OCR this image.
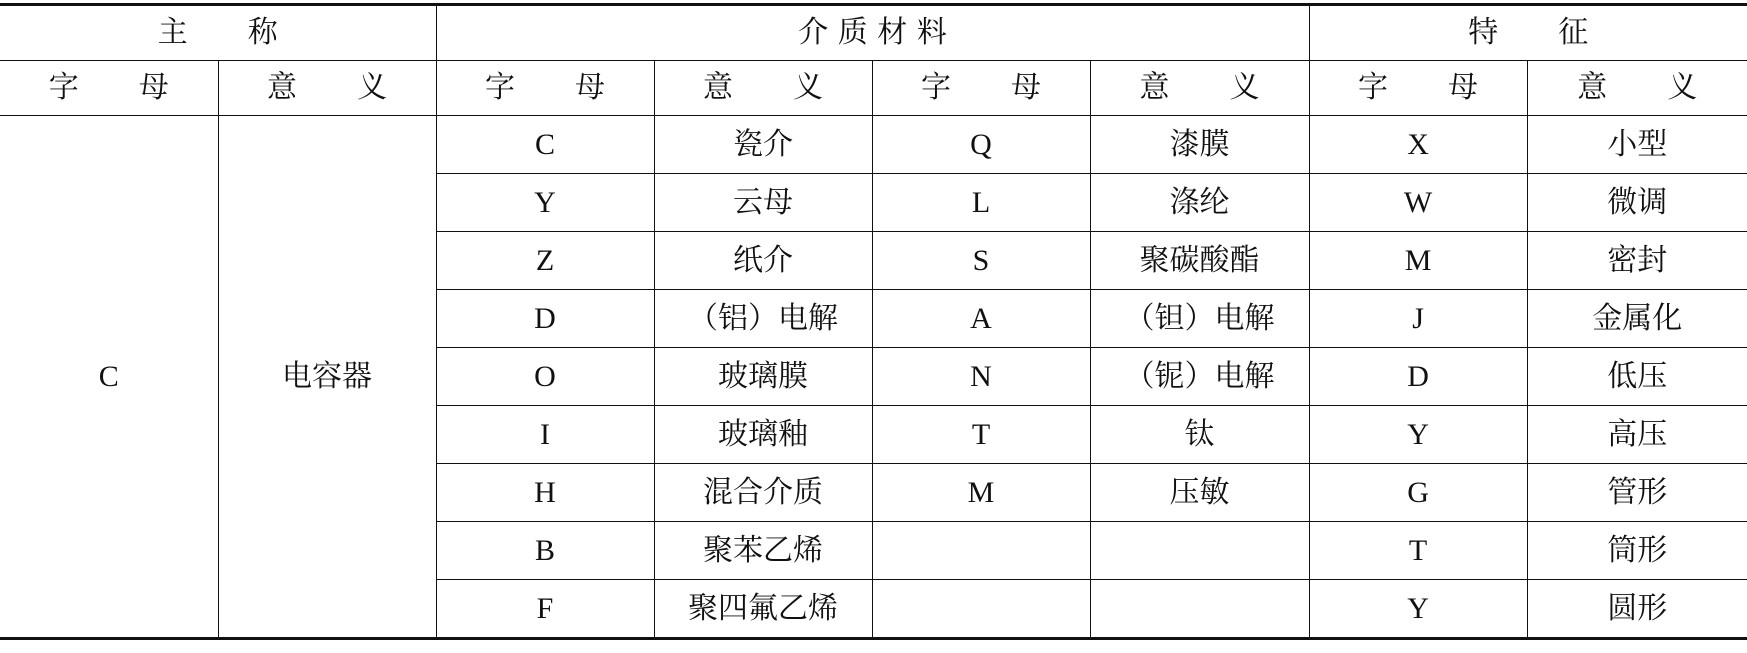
主　　称		介 质 材 料				特　　征	
字　　母	意　　义	字　　母	意　　义	字　　母	意　　义	字　　母	意　　义
C	电容器	C	瓷介	Q	漆膜	X	小型
		Y	云母	L	涤纶	W	微调
		Z	纸介	S	聚碳酸酯	M	密封
		D	（铝）电解	A	（钽）电解	J	金属化
		O	玻璃膜	N	（铌）电解	D	低压
		I	玻璃釉	T	钛	Y	高压
		H	混合介质	M	压敏	G	管形
		B	聚苯乙烯			T	筒形
		F	聚四氟乙烯			Y	圆形
